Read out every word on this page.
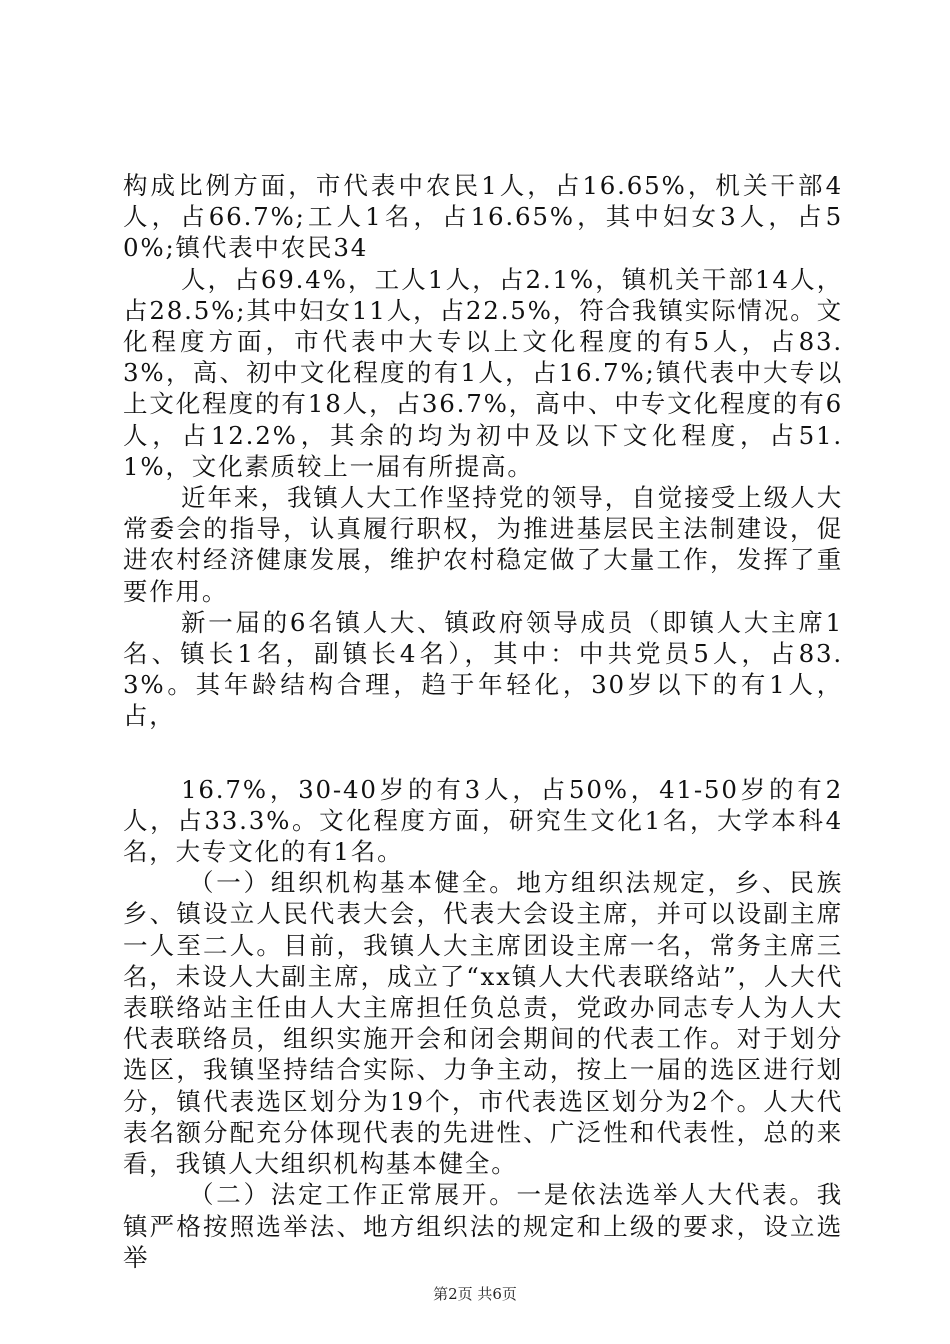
构成比例方面，市代表中农民1人，占16.65%，机关干部4人，占66.7%;工人1名，占16.65%，其中妇女3人，占50%;镇代表中农民34

人，占69.4%，工人1人，占2.1%，镇机关干部14人，占28.5%;其中妇女11人，占22.5%，符合我镇实际情况。文化程度方面，市代表中大专以上文化程度的有5人，占83.3%，高、初中文化程度的有1人，占16.7%;镇代表中大专以上文化程度的有18人，占36.7%，高中、中专文化程度的有6人，占12.2%，其余的均为初中及以下文化程度，占51.1%，文化素质较上一届有所提高。

近年来，我镇人大工作坚持党的领导，自觉接受上级人大常委会的指导，认真履行职权，为推进基层民主法制建设，促进农村经济健康发展，维护农村稳定做了大量工作，发挥了重要作用。

新一届的6名镇人大、镇政府领导成员（即镇人大主席1名、镇长1名，副镇长4名），其中：中共党员5人，占83.3%。其年龄结构合理，趋于年轻化，30岁以下的有1人，占，

16.7%，30-40岁的有3人，占50%，41-50岁的有2人，占33.3%。文化程度方面，研究生文化1名，大学本科4名，大专文化的有1名。

（一）组织机构基本健全。地方组织法规定，乡、民族乡、镇设立人民代表大会，代表大会设主席，并可以设副主席一人至二人。目前，我镇人大主席团设主席一名，常务主席三名，未设人大副主席，成立了“xx镇人大代表联络站”，人大代表联络站主任由人大主席担任负总责，党政办同志专人为人大代表联络员，组织实施开会和闭会期间的代表工作。对于划分选区，我镇坚持结合实际、力争主动，按上一届的选区进行划分，镇代表选区划分为19个，市代表选区划分为2个。人大代表名额分配充分体现代表的先进性、广泛性和代表性，总的来看，我镇人大组织机构基本健全。

（二）法定工作正常展开。一是依法选举人大代表。我镇严格按照选举法、地方组织法的规定和上级的要求，设立选举

第2页 共6页
